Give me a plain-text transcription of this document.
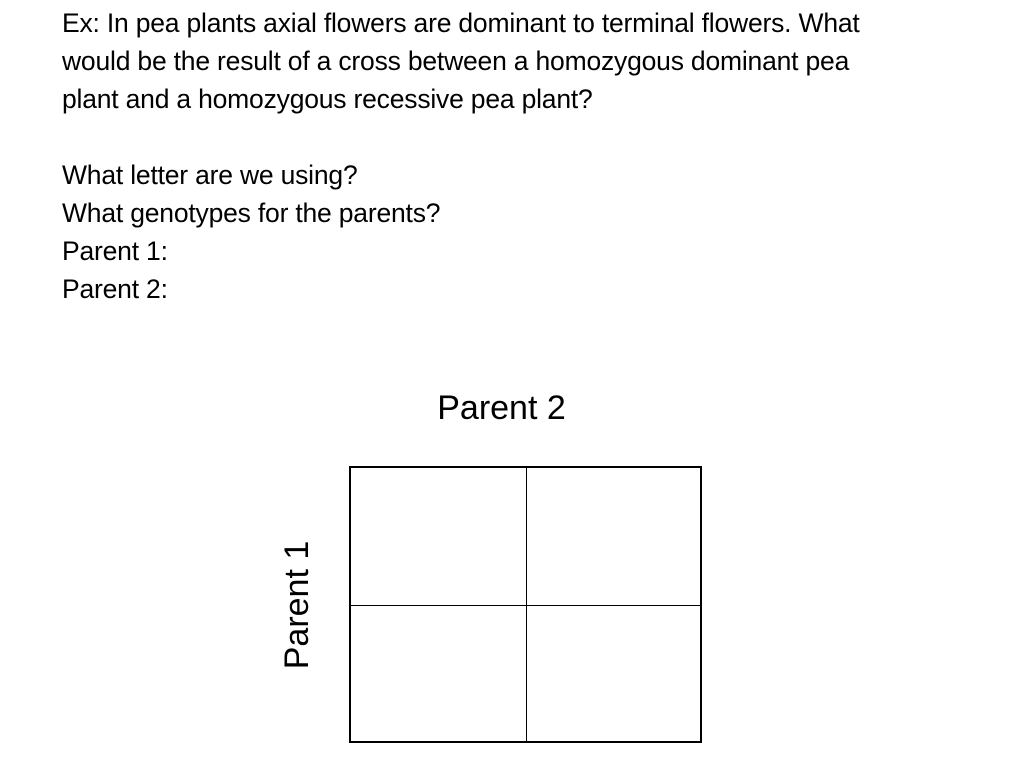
Ex: In pea plants axial flowers are dominant to terminal flowers. What

would be the result of a cross between a homozygous dominant pea

plant and a homozygous recessive pea plant?

What letter are we using?

What genotypes for the parents?

Parent 1:

Parent 2:

Parent 2
Parent 1
